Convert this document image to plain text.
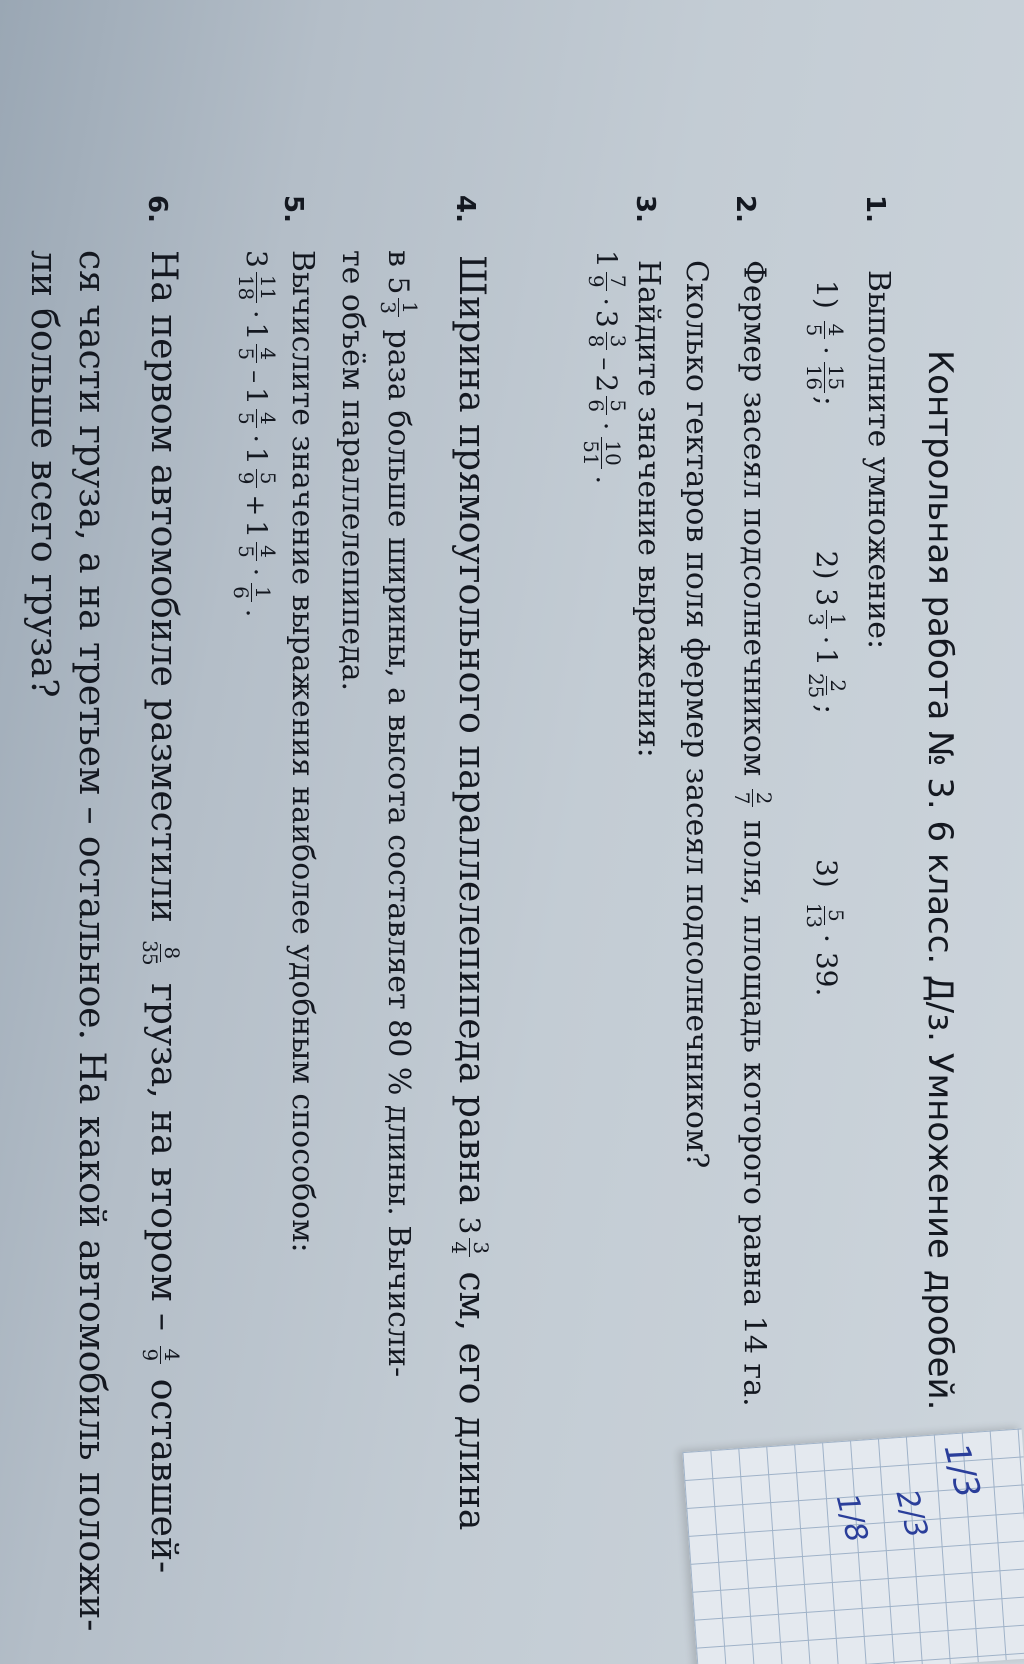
Контрольная работа № 3. 6 класс. Д/з. Умножение дробей.
1.
Выполните умножение:
1)
4
5
·
15
16
; 2)
3
1
3
·
1
2
25
; 3)
5
13
· 39.
2.
Фермер засеял подсолнечником
2
7
поля, площадь которого равна 14 га.
Сколько гектаров поля фермер засеял подсолнечником?
3.
Найдите значение выражения:
1
7
9
·
3
3
8
–
2
5
6
·
10
51
.
4.
Ширина прямоугольного параллелепипеда равна
3
3
4
см, его длина
в
5
1
3
раза больше ширины, а высота составляет 80 % длины. Вычисли-
те объём параллелепипеда.
5.
Вычислите значение выражения наиболее удобным способом:
3
11
18
·
1
4
5
–
1
4
5
·
1
5
9
+
1
4
5
·
1
6
.
6.
На первом автомобиле разместили
8
35
груза, на втором –
4
9
оставшей-
ся части груза, а на третьем – остальное. На какой автомобиль положи-
ли больше всего груза?
1/3
2/3
1/8
